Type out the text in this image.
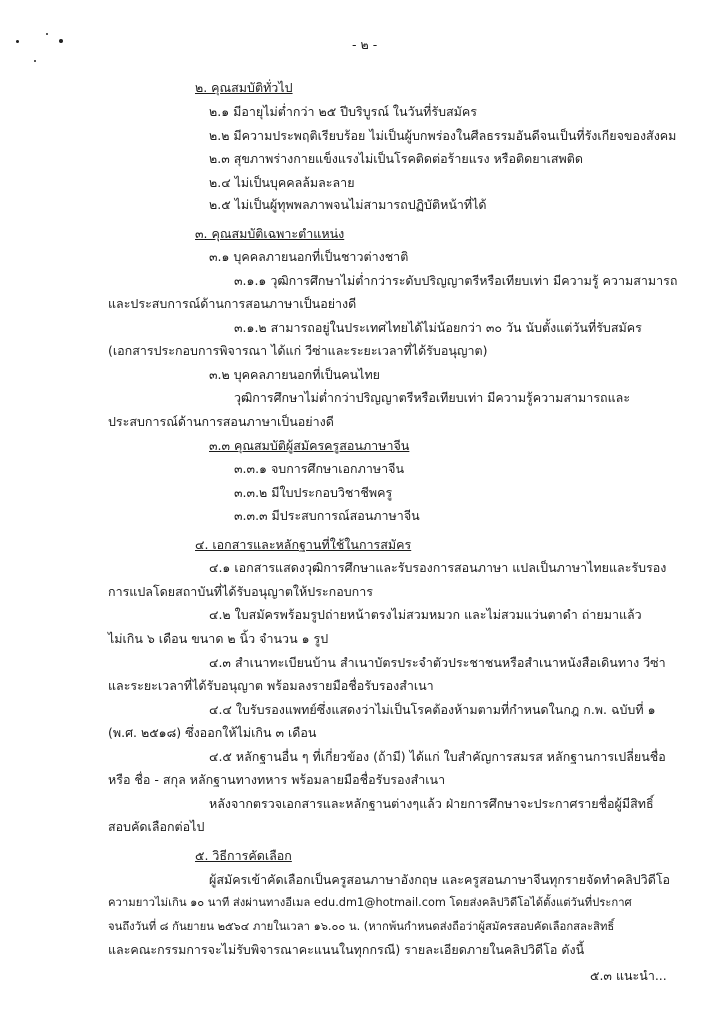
- ๒ -
๒. คุณสมบัติทั่วไป
๒.๑ มีอายุไม่ต่ำกว่า ๒๕ ปีบริบูรณ์ ในวันที่รับสมัคร
๒.๒ มีความประพฤติเรียบร้อย ไม่เป็นผู้บกพร่องในศีลธรรมอันดีจนเป็นที่รังเกียจของสังคม
๒.๓ สุขภาพร่างกายแข็งแรงไม่เป็นโรคติดต่อร้ายแรง หรือติดยาเสพติด
๒.๔ ไม่เป็นบุคคลล้มละลาย
๒.๕ ไม่เป็นผู้ทุพพลภาพจนไม่สามารถปฏิบัติหน้าที่ได้
๓. คุณสมบัติเฉพาะตำแหน่ง
๓.๑ บุคคลภายนอกที่เป็นชาวต่างชาติ
๓.๑.๑ วุฒิการศึกษาไม่ต่ำกว่าระดับปริญญาตรีหรือเทียบเท่า มีความรู้ ความสามารถ
และประสบการณ์ด้านการสอนภาษาเป็นอย่างดี
๓.๑.๒ สามารถอยู่ในประเทศไทยได้ไม่น้อยกว่า ๓๐ วัน นับตั้งแต่วันที่รับสมัคร
(เอกสารประกอบการพิจารณา ได้แก่ วีซ่าและระยะเวลาที่ได้รับอนุญาต)
๓.๒ บุคคลภายนอกที่เป็นคนไทย
วุฒิการศึกษาไม่ต่ำกว่าปริญญาตรีหรือเทียบเท่า มีความรู้ความสามารถและ
ประสบการณ์ด้านการสอนภาษาเป็นอย่างดี
๓.๓ คุณสมบัติผู้สมัครครูสอนภาษาจีน
๓.๓.๑ จบการศึกษาเอกภาษาจีน
๓.๓.๒ มีใบประกอบวิชาชีพครู
๓.๓.๓ มีประสบการณ์สอนภาษาจีน
๔. เอกสารและหลักฐานที่ใช้ในการสมัคร
๔.๑ เอกสารแสดงวุฒิการศึกษาและรับรองการสอนภาษา แปลเป็นภาษาไทยและรับรอง
การแปลโดยสถาบันที่ได้รับอนุญาตให้ประกอบการ
๔.๒ ใบสมัครพร้อมรูปถ่ายหน้าตรงไม่สวมหมวก และไม่สวมแว่นตาดำ ถ่ายมาแล้ว
ไม่เกิน ๖ เดือน ขนาด ๒ นิ้ว จำนวน ๑ รูป
๔.๓ สำเนาทะเบียนบ้าน สำเนาบัตรประจำตัวประชาชนหรือสำเนาหนังสือเดินทาง วีซ่า
และระยะเวลาที่ได้รับอนุญาต พร้อมลงรายมือชื่อรับรองสำเนา
๔.๔ ใบรับรองแพทย์ซึ่งแสดงว่าไม่เป็นโรคต้องห้ามตามที่กำหนดในกฎ ก.พ. ฉบับที่ ๑
(พ.ศ. ๒๕๑๘) ซึ่งออกให้ไม่เกิน ๓ เดือน
๔.๕ หลักฐานอื่น ๆ ที่เกี่ยวข้อง (ถ้ามี) ได้แก่ ใบสำคัญการสมรส หลักฐานการเปลี่ยนชื่อ
หรือ ชื่อ - สกุล หลักฐานทางทหาร พร้อมลายมือชื่อรับรองสำเนา
หลังจากตรวจเอกสารและหลักฐานต่างๆแล้ว ฝ่ายการศึกษาจะประกาศรายชื่อผู้มีสิทธิ์
สอบคัดเลือกต่อไป
๕. วิธีการคัดเลือก
ผู้สมัครเข้าคัดเลือกเป็นครูสอนภาษาอังกฤษ และครูสอนภาษาจีนทุกรายจัดทำคลิปวิดีโอ
ความยาวไม่เกิน ๑๐ นาที ส่งผ่านทางอีเมล edu.dm1@hotmail.com โดยส่งคลิปวิดีโอได้ตั้งแต่วันที่ประกาศ
จนถึงวันที่ ๘ กันยายน ๒๕๖๔ ภายในเวลา ๑๖.๐๐ น. (หากพ้นกำหนดส่งถือว่าผู้สมัครสอบคัดเลือกสละสิทธิ์
และคณะกรรมการจะไม่รับพิจารณาคะแนนในทุกกรณี) รายละเอียดภายในคลิปวิดีโอ ดังนี้
๕.๓ แนะนำ...
